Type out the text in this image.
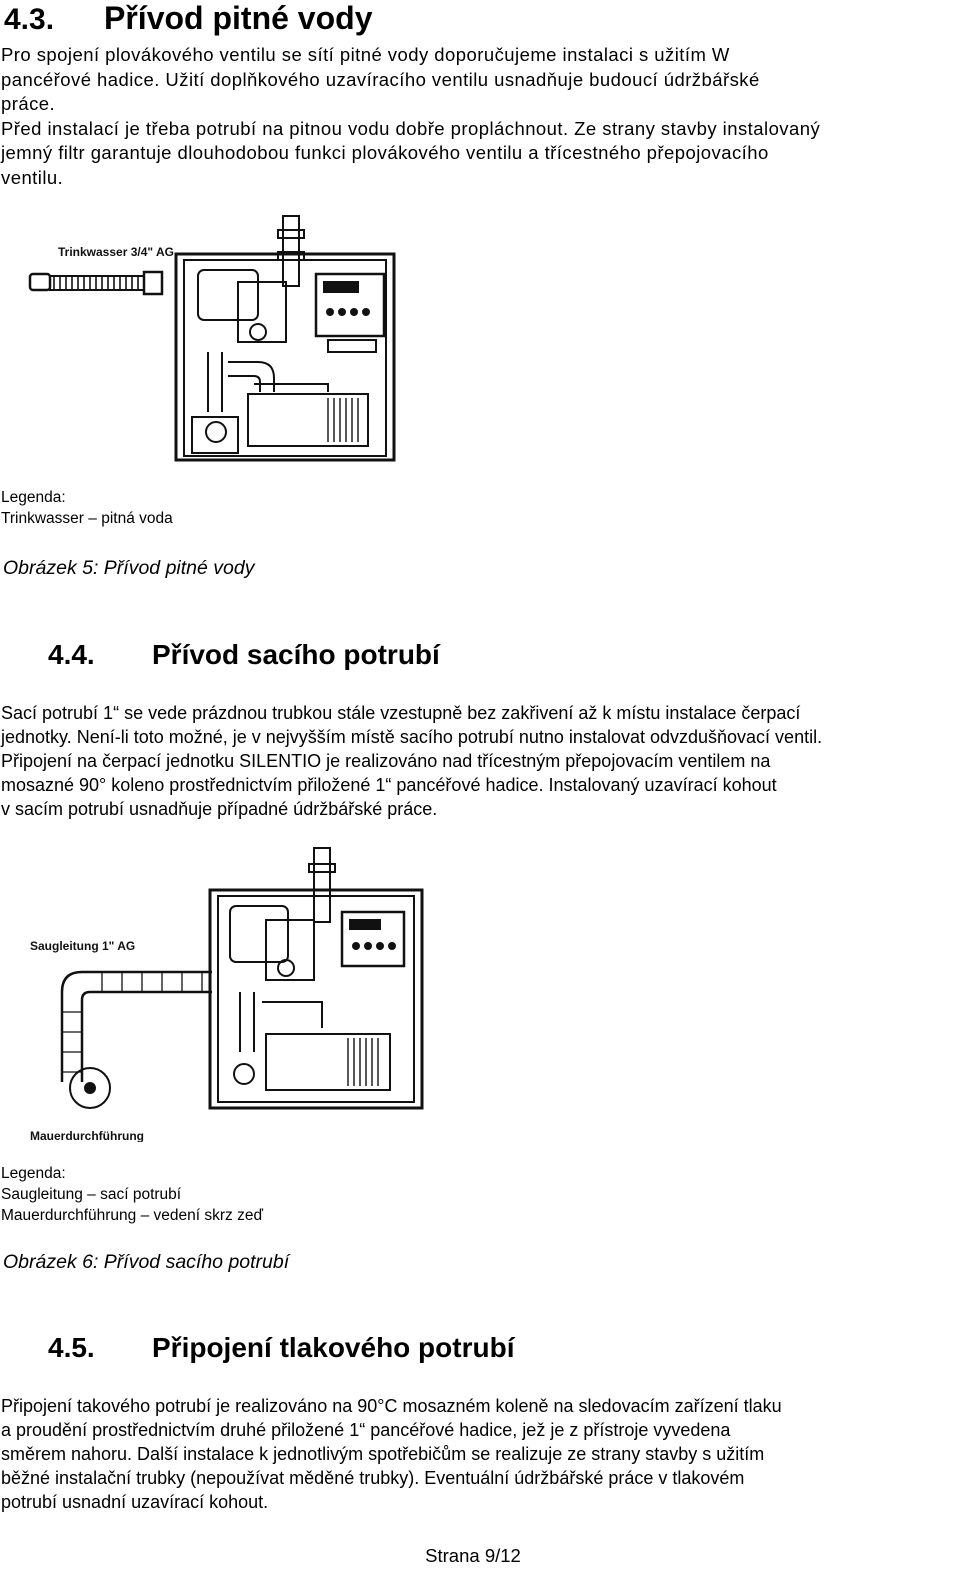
4.3. Přívod pitné vody
Pro spojení plovákového ventilu se sítí pitné vody doporučujeme instalaci s užitím W
pancéřové hadice. Užití doplňkového uzavíracího ventilu usnadňuje budoucí údržbářské
práce.
Před instalací je třeba potrubí na pitnou vodu dobře propláchnout. Ze strany stavby instalovaný
jemný filtr garantuje dlouhodobou funkci plovákového ventilu a třícestného přepojovacího
ventilu.
Trinkwasser 3/4" AG
Legenda:
Trinkwasser – pitná voda
Obrázek 5: Přívod pitné vody
4.4. Přívod sacího potrubí
Sací potrubí 1“ se vede prázdnou trubkou stále vzestupně bez zakřivení až k místu instalace čerpací
jednotky. Není-li toto možné, je v nejvyšším místě sacího potrubí nutno instalovat odvzdušňovací ventil.
Připojení na čerpací jednotku SILENTIO je realizováno nad třícestným přepojovacím ventilem na
mosazné 90° koleno prostřednictvím přiložené 1“ pancéřové hadice. Instalovaný uzavírací kohout
v sacím potrubí usnadňuje případné údržbářské práce.
Saugleitung 1" AG
Mauerdurchführung
Legenda:
Saugleitung – sací potrubí
Mauerdurchführung – vedení skrz zeď
Obrázek 6: Přívod sacího potrubí
4.5. Připojení tlakového potrubí
Připojení takového potrubí je realizováno na 90°C mosazném koleně na sledovacím zařízení tlaku
a proudění prostřednictvím druhé přiložené 1“ pancéřové hadice, jež je z přístroje vyvedena
směrem nahoru. Další instalace k jednotlivým spotřebičům se realizuje ze strany stavby s užitím
běžné instalační trubky (nepoužívat měděné trubky). Eventuální údržbářské práce v tlakovém
potrubí usnadní uzavírací kohout.
Strana 9/12
